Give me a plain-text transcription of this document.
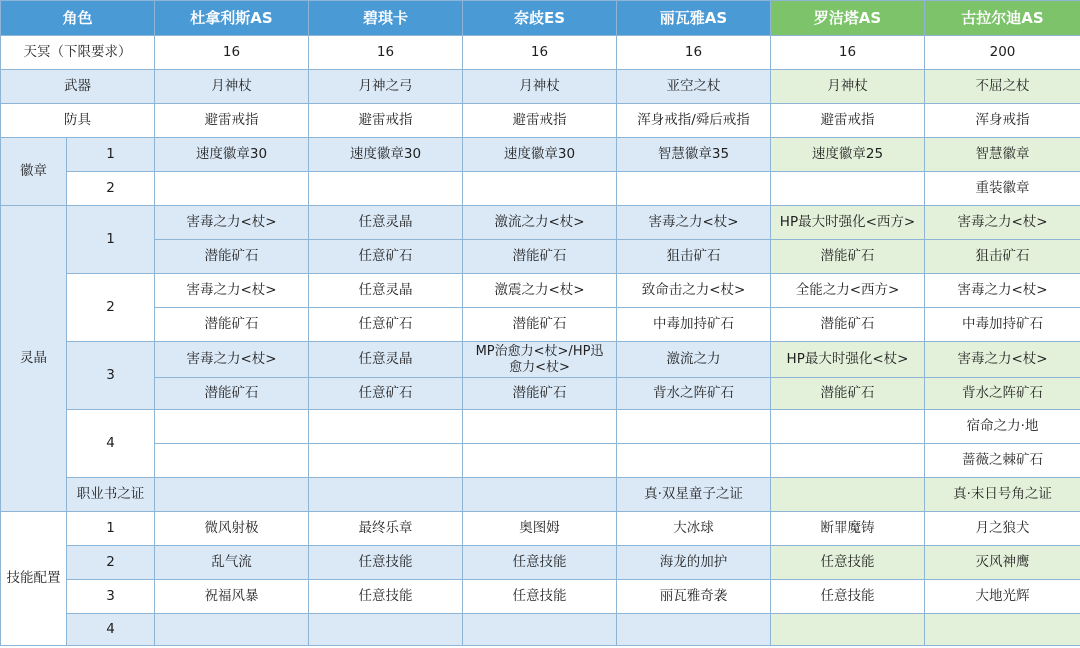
角色		杜拿利斯AS	碧琪卡	奈歧ES	丽瓦雅AS	罗洁塔AS	古拉尔迪AS
天冥（下限要求）		16	16	16	16	16	200
武器		月神杖	月神之弓	月神杖	亚空之杖	月神杖	不屈之杖
防具		避雷戒指	避雷戒指	避雷戒指	浑身戒指/舜后戒指	避雷戒指	浑身戒指
徽章	1	速度徽章30	速度徽章30	速度徽章30	智慧徽章35	速度徽章25	智慧徽章
	2						重装徽章
灵晶	1	害毒之力<杖>	任意灵晶	激流之力<杖>	害毒之力<杖>	HP最大时强化<西方>	害毒之力<杖>
		潜能矿石	任意矿石	潜能矿石	狙击矿石	潜能矿石	狙击矿石
	2	害毒之力<杖>	任意灵晶	激震之力<杖>	致命击之力<杖>	全能之力<西方>	害毒之力<杖>
		潜能矿石	任意矿石	潜能矿石	中毒加持矿石	潜能矿石	中毒加持矿石
	3	害毒之力<杖>	任意灵晶	MP治愈力<杖>/HP迅愈力<杖>	激流之力	HP最大时强化<杖>	害毒之力<杖>
		潜能矿石	任意矿石	潜能矿石	背水之阵矿石	潜能矿石	背水之阵矿石
	4						宿命之力·地
							蔷薇之棘矿石
	职业书之证				真·双星童子之证		真·末日号角之证
技能配置	1	微风射极	最终乐章	奥图姆	大冰球	断罪魔铸	月之狼犬
	2	乱气流	任意技能	任意技能	海龙的加护	任意技能	灭风神鹰
	3	祝福风暴	任意技能	任意技能	丽瓦雅奇袭	任意技能	大地光辉
	4						
